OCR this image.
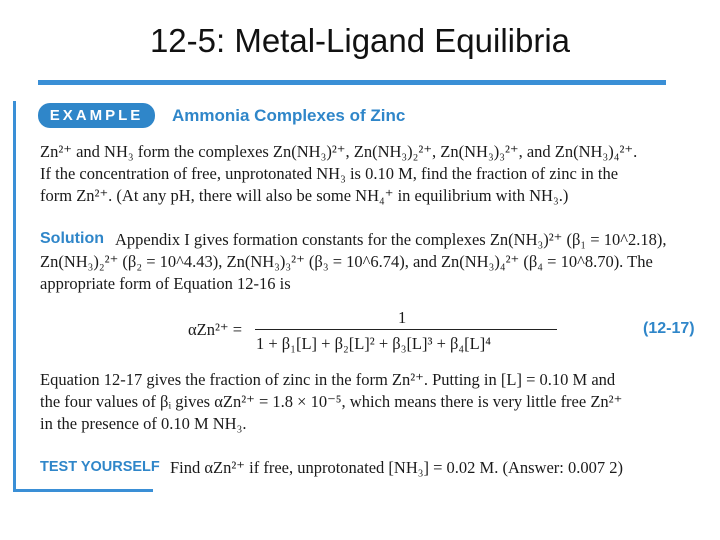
12-5: Metal-Ligand Equilibria
EXAMPLE	Ammonia Complexes of Zinc
Zn²⁺ and NH₃ form the complexes Zn(NH₃)²⁺, Zn(NH₃)₂²⁺, Zn(NH₃)₃²⁺, and Zn(NH₃)₄²⁺.
If the concentration of free, unprotonated NH₃ is 0.10 M, find the fraction of zinc in the
form Zn²⁺. (At any pH, there will also be some NH₄⁺ in equilibrium with NH₃.)
Solution Appendix I gives formation constants for the complexes Zn(NH₃)²⁺ (β₁ = 10^2.18),
Zn(NH₃)₂²⁺ (β₂ = 10^4.43), Zn(NH₃)₃²⁺ (β₃ = 10^6.74), and Zn(NH₃)₄²⁺ (β₄ = 10^8.70). The
appropriate form of Equation 12-16 is
αZn²⁺ =
1
1 + β₁[L] + β₂[L]² + β₃[L]³ + β₄[L]⁴
(12-17)
Equation 12-17 gives the fraction of zinc in the form Zn²⁺. Putting in [L] = 0.10 M and
the four values of βᵢ gives αZn²⁺ = 1.8 × 10⁻⁵, which means there is very little free Zn²⁺
in the presence of 0.10 M NH₃.
TEST YOURSELF Find αZn²⁺ if free, unprotonated [NH₃] = 0.02 M. (Answer: 0.007 2)
